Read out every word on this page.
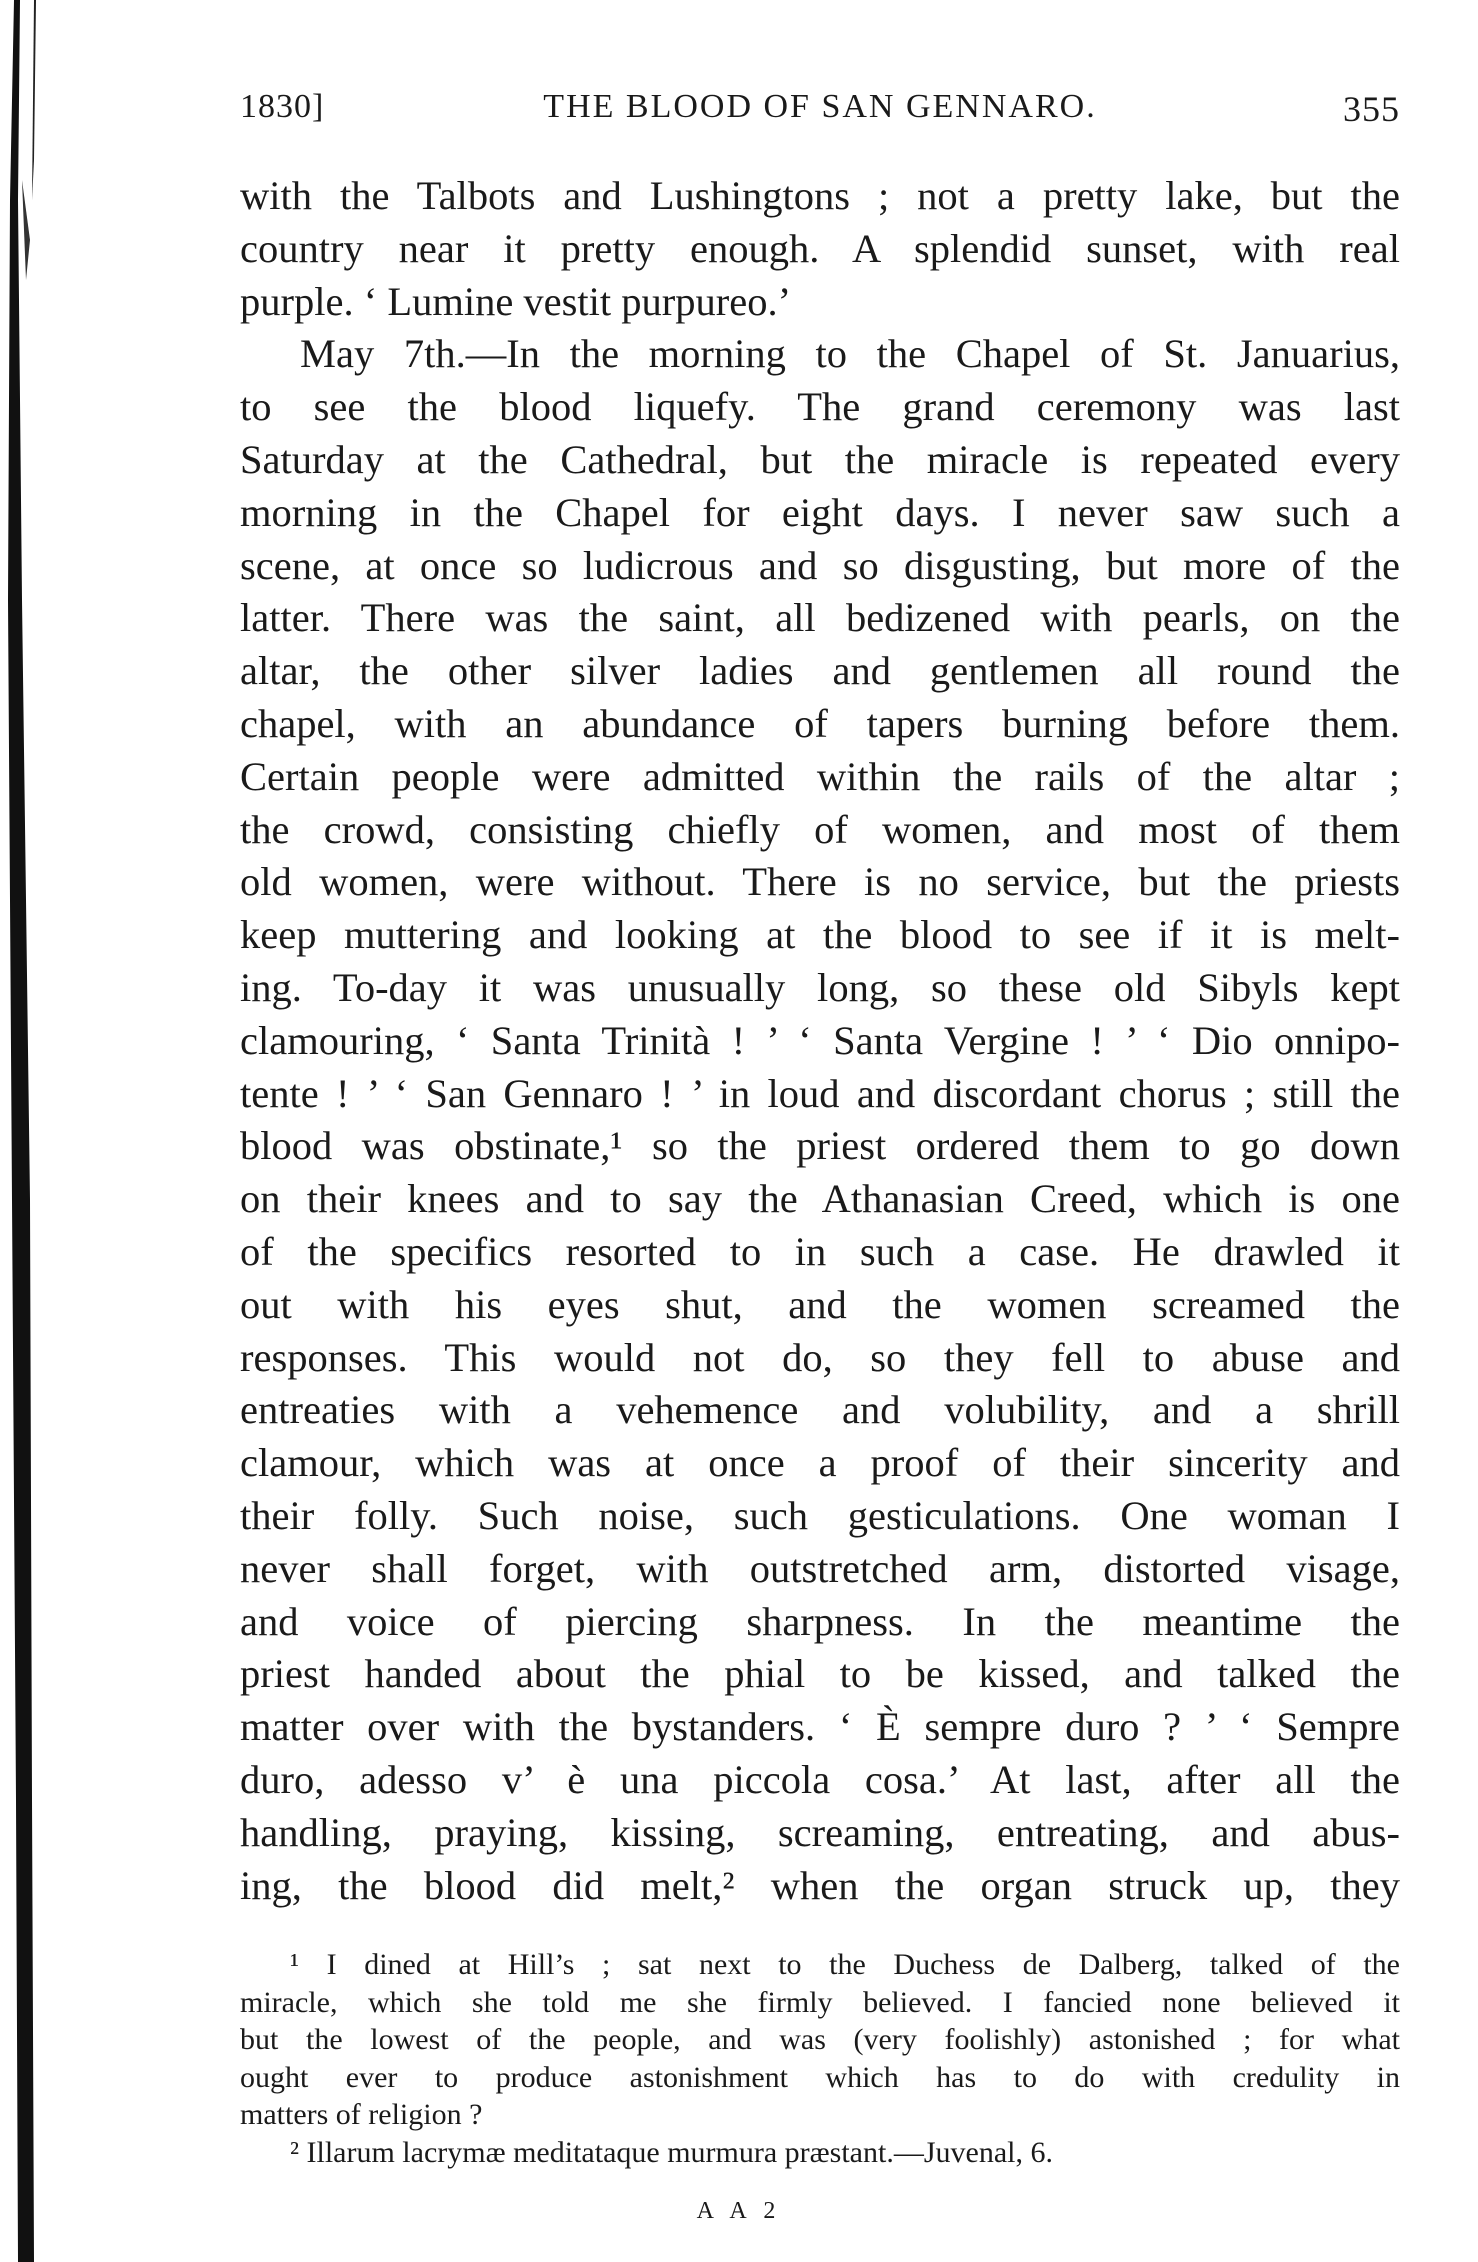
1830]	THE BLOOD OF SAN GENNARO.	355
with the Talbots and Lushingtons ; not a pretty lake, but the
country near it pretty enough. A splendid sunset, with real
purple. ‘ Lumine vestit purpureo.’
May 7th.—In the morning to the Chapel of St. Januarius,
to see the blood liquefy. The grand ceremony was last
Saturday at the Cathedral, but the miracle is repeated every
morning in the Chapel for eight days. I never saw such a
scene, at once so ludicrous and so disgusting, but more of the
latter. There was the saint, all bedizened with pearls, on the
altar, the other silver ladies and gentlemen all round the
chapel, with an abundance of tapers burning before them.
Certain people were admitted within the rails of the altar ;
the crowd, consisting chiefly of women, and most of them
old women, were without. There is no service, but the priests
keep muttering and looking at the blood to see if it is melt-
ing. To-day it was unusually long, so these old Sibyls kept
clamouring, ‘ Santa Trinità ! ’ ‘ Santa Vergine ! ’ ‘ Dio onnipo-
tente ! ’ ‘ San Gennaro ! ’ in loud and discordant chorus ; still the
blood was obstinate,¹ so the priest ordered them to go down
on their knees and to say the Athanasian Creed, which is one
of the specifics resorted to in such a case. He drawled it
out with his eyes shut, and the women screamed the
responses. This would not do, so they fell to abuse and
entreaties with a vehemence and volubility, and a shrill
clamour, which was at once a proof of their sincerity and
their folly. Such noise, such gesticulations. One woman I
never shall forget, with outstretched arm, distorted visage,
and voice of piercing sharpness. In the meantime the
priest handed about the phial to be kissed, and talked the
matter over with the bystanders. ‘ È sempre duro ? ’ ‘ Sempre
duro, adesso v’ è una piccola cosa.’ At last, after all the
handling, praying, kissing, screaming, entreating, and abus-
ing, the blood did melt,² when the organ struck up, they
¹ I dined at Hill’s ; sat next to the Duchess de Dalberg, talked of the
miracle, which she told me she firmly believed. I fancied none believed it
but the lowest of the people, and was (very foolishly) astonished ; for what
ought ever to produce astonishment which has to do with credulity in
matters of religion ?
² Illarum lacrymæ meditataque murmura præstant.—Juvenal, 6.
A A 2
